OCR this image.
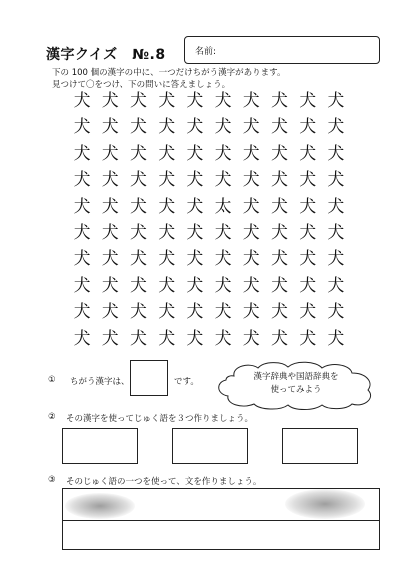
漢字クイズ　№.8	名前:
下の 100 個の漢字の中に、一つだけちがう漢字があります。
見つけて〇をつけ、下の問いに答えましょう。
犬 犬 犬 犬 犬 犬 犬 犬 犬 犬
犬 犬 犬 犬 犬 犬 犬 犬 犬 犬
犬 犬 犬 犬 犬 犬 犬 犬 犬 犬
犬 犬 犬 犬 犬 犬 犬 犬 犬 犬
犬 犬 犬 犬 犬 太 犬 犬 犬 犬
犬 犬 犬 犬 犬 犬 犬 犬 犬 犬
犬 犬 犬 犬 犬 犬 犬 犬 犬 犬
犬 犬 犬 犬 犬 犬 犬 犬 犬 犬
犬 犬 犬 犬 犬 犬 犬 犬 犬 犬
犬 犬 犬 犬 犬 犬 犬 犬 犬 犬
① ちがう漢字は、	です。	漢字辞典や国語辞典を
使ってみよう
② その漢字を使ってじゅく語を３つ作りましょう。
③ そのじゅく語の一つを使って、文を作りましょう。
